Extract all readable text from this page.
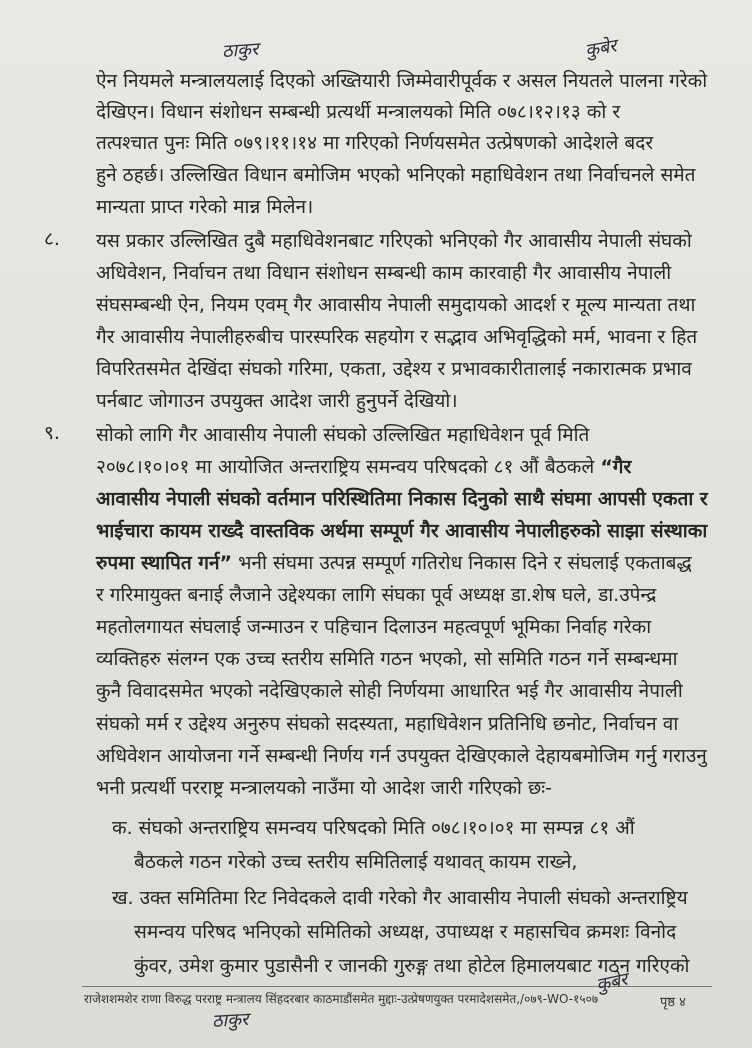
ठाकुर	कुबेर
ऐन नियमले मन्त्रालयलाई दिएको अख्तियारी जिम्मेवारीपूर्वक र असल नियतले पालना गरेको
देखिएन। विधान संशोधन सम्बन्धी प्रत्यर्थी मन्त्रालयको मिति ०७८।१२।१३ को र
तत्पश्चात पुनः मिति ०७९।११।१४ मा गरिएको निर्णयसमेत उत्प्रेषणको आदेशले बदर
हुने ठहर्छ। उल्लिखित विधान बमोजिम भएको भनिएको महाधिवेशन तथा निर्वाचनले समेत
मान्यता प्राप्त गरेको मान्न मिलेन।
८. यस प्रकार उल्लिखित दुबै महाधिवेशनबाट गरिएको भनिएको गैर आवासीय नेपाली संघको
अधिवेशन, निर्वाचन तथा विधान संशोधन सम्बन्धी काम कारवाही गैर आवासीय नेपाली
संघसम्बन्धी ऐन, नियम एवम् गैर आवासीय नेपाली समुदायको आदर्श र मूल्य मान्यता तथा
गैर आवासीय नेपालीहरुबीच पारस्परिक सहयोग र सद्भाव अभिवृद्धिको मर्म, भावना र हित
विपरितसमेत देखिंदा संघको गरिमा, एकता, उद्देश्य र प्रभावकारीतालाई नकारात्मक प्रभाव
पर्नबाट जोगाउन उपयुक्त आदेश जारी हुनुपर्ने देखियो।
९. सोको लागि गैर आवासीय नेपाली संघको उल्लिखित महाधिवेशन पूर्व मिति
२०७८।१०।०१ मा आयोजित अन्तराष्ट्रिय समन्वय परिषदको ८१ औं बैठकले “गैर
आवासीय नेपाली संघको वर्तमान परिस्थितिमा निकास दिनुको साथै संघमा आपसी एकता र
भाईचारा कायम राख्दै वास्तविक अर्थमा सम्पूर्ण गैर आवासीय नेपालीहरुको साझा संस्थाका
रुपमा स्थापित गर्न” भनी संघमा उत्पन्न सम्पूर्ण गतिरोध निकास दिने र संघलाई एकताबद्ध
र गरिमायुक्त बनाई लैजाने उद्देश्यका लागि संघका पूर्व अध्यक्ष डा.शेष घले, डा.उपेन्द्र
महतोलगायत संघलाई जन्माउन र पहिचान दिलाउन महत्वपूर्ण भूमिका निर्वाह गरेका
व्यक्तिहरु संलग्न एक उच्च स्तरीय समिति गठन भएको, सो समिति गठन गर्ने सम्बन्धमा
कुनै विवादसमेत भएको नदेखिएकाले सोही निर्णयमा आधारित भई गैर आवासीय नेपाली
संघको मर्म र उद्देश्य अनुरुप संघको सदस्यता, महाधिवेशन प्रतिनिधि छनोट, निर्वाचन वा
अधिवेशन आयोजना गर्ने सम्बन्धी निर्णय गर्न उपयुक्त देखिएकाले देहायबमोजिम गर्नु गराउनु
भनी प्रत्यर्थी परराष्ट्र मन्त्रालयको नाउँमा यो आदेश जारी गरिएको छः-
क. संघको अन्तराष्ट्रिय समन्वय परिषदको मिति ०७८।१०।०१ मा सम्पन्न ८१ औं
बैठकले गठन गरेको उच्च स्तरीय समितिलाई यथावत् कायम राख्ने,
ख. उक्त समितिमा रिट निवेदकले दावी गरेको गैर आवासीय नेपाली संघको अन्तराष्ट्रिय
समन्वय परिषद भनिएको समितिको अध्यक्ष, उपाध्यक्ष र महासचिव क्रमशः विनोद
कुंवर, उमेश कुमार पुडासैनी र जानकी गुरुङ्ग तथा होटेल हिमालयबाट गठन गरिएको
राजेशशमशेर राणा विरुद्ध परराष्ट्र मन्त्रालय सिंहदरबार काठमाडौंसमेत मुद्दाः-उत्प्रेषणयुक्त परमादेशसमेत,/०७९-WO-१५०७	पृष्ठ ४
ठाकुर
कुबेर
